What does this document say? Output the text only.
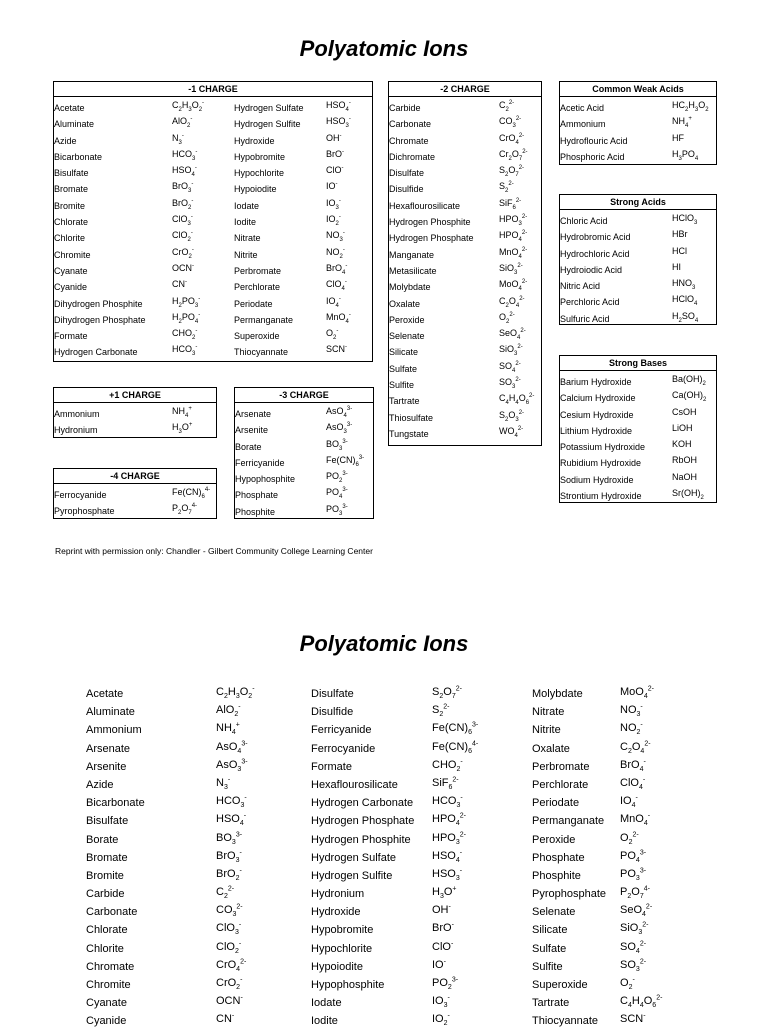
Polyatomic Ions
-1 CHARGE
Acetate	$C_2H_3O_2^-$
Aluminate	AlO$_2$-
Azide	$N_3^-$
Bicarbonate	$HCO_3^-$
Bisulfate	$HSO_4^-$
Bromate	BrO$_3$-
Bromite	BrO$_2$-
Chlorate	ClO$_3$-
Chlorite	ClO$_2$-
Chromite	CrO$_2$-
Cyanate	OCN-
Cyanide	CN-
Dihydrogen Phosphite	$H_2PO_3^-$
Dihydrogen Phosphate	$H_2PO_4^-$
Formate	$CHO_2^-$
Hydrogen Carbonate	$HCO_3^-$
Hydrogen Sulfate $HSO_4^-$
Hydrogen Sulfite	$HSO_3^-$
Hydroxide	OH-
Hypobromite	BrO-
Hypochlorite	ClO-
Hypoiodite	IO-
Iodate	$IO_3^-$
Iodite	$IO_2^-$
Nitrate	$NO_3^-$
Nitrite	$NO_2^-$
Perbromate	BrO$_4$-
Perchlorate	ClO$_4$-
Periodate	$IO_4^-$
Permanganate	MnO$_4$-
Superoxide	$O_2^-$
Thiocyannate	SCN-
-2 CHARGE
Carbide	$C_2^{2-}$
Carbonate	$CO_3^{2-}$
Chromate	CrO$_4^{2-}$
Dichromate	$Cr_2O_7^{2-}$
Disulfate	$S_2O_7^{2-}$
Disulfide	$S_2^{2-}$
Hexaflourosilicate	SiF$_6^{2-}$
Hydrogen Phosphite	$HPO_3^{2-}$
Hydrogen Phosphate	$HPO_4^{2-}$
Manganate	MnO$_4^{2-}$
Metasilicate	SiO$_3^{2-}$
Molybdate	MoO$_4^{2-}$
Oxalate	$C_2O_4^{2-}$
Peroxide	$O_2^{2-}$
Selenate	SeO$_4^{2-}$
Silicate	SiO$_3^{2-}$
Sulfate	$SO_4^{2-}$
Sulfite	$SO_3^{2-}$
Tartrate	$C_4H_4O_6^{2-}$
Thiosulfate	$S_2O_3^{2-}$
Tungstate	$WO_4^{2-}$
Common Weak Acids
Acetic Acid	$HC_2H_3O_2$
Ammonium	$NH_4^+$
Hydroflouric Acid	HF
Phosphoric Acid	$H_3PO_4$
Strong Acids
Chloric Acid	HClO$_3$
Hydrobromic Acid	HBr
Hydrochloric Acid	HCl
Hydroiodic Acid	HI
Nitric Acid	$HNO_3$
Perchloric Acid	HClO$_4$
Sulfuric Acid	$H_2SO_4$
Strong Bases
Barium Hydroxide	$Ba(OH)_2$
Calcium Hydroxide	$Ca(OH)_2$
Cesium Hydroxide	CsOH
Lithium Hydroxide	LiOH
Potassium Hydroxide	KOH
Rubidium Hydroxide	RbOH
Sodium Hydroxide	NaOH
Strontium Hydroxide	$Sr(OH)_2$
+1 CHARGE
Ammonium	$NH_4^+$
Hydronium	$H_3O^+$
-3 CHARGE
Arsenate	AsO$_4^{3-}$
Arsenite	AsO$_3^{3-}$
Borate	$BO_3^{3-}$
Ferricyanide	$Fe(CN)_6^{3-}$
Hypophosphite	$PO_2^{3-}$
Phosphate	$PO_4^{3-}$
Phosphite	$PO_3^{3-}$
-4 CHARGE
Ferrocyanide	$Fe(CN)_6^{4-}$
Pyrophosphate	$P_2O_7^{4-}$
Reprint with permission only: Chandler - Gilbert Community College Learning Center
Polyatomic Ions
Acetate	$C_2H_3O_2^-$
Aluminate	AlO$_2$-
Ammonium	$NH_4^+$
Arsenate	AsO$_4^{3-}$
Arsenite	AsO$_3^{3-}$
Azide	$N_3^-$
Bicarbonate	$HCO_3^-$
Bisulfate	$HSO_4^-$
Borate	$BO_3^{3-}$
Bromate	BrO$_3$-
Bromite	BrO$_2$-
Carbide	$C_2^{2-}$
Carbonate	$CO_3^{2-}$
Chlorate	ClO$_3$-
Chlorite	ClO$_2$-
Chromate	CrO$_4^{2-}$
Chromite	CrO$_2$-
Cyanate	OCN-
Cyanide	CN-
Disulfate	$S_2O_7^{2-}$
Disulfide	$S_2^{2-}$
Ferricyanide	$Fe(CN)_6^{3-}$
Ferrocyanide	$Fe(CN)_6^{4-}$
Formate	$CHO_2^-$
Hexaflourosilicate	SiF$_6^{2-}$
Hydrogen Carbonate $HCO_3^-$
Hydrogen Phosphate $HPO_4^{2-}$
Hydrogen Phosphite $HPO_3^{2-}$
Hydrogen Sulfate	$HSO_4^-$
Hydrogen Sulfite	$HSO_3^-$
Hydronium	$H_3O^+$
Hydroxide	OH-
Hypobromite	BrO-
Hypochlorite	ClO-
Hypoiodite	IO-
Hypophosphite	$PO_2^{3-}$
Iodate	$IO_3^-$
Iodite	$IO_2^-$
Molybdate	MoO$_4^{2-}$
Nitrate	$NO_3^-$
Nitrite	$NO_2^-$
Oxalate	$C_2O_4^{2-}$
Perbromate	BrO$_4$-
Perchlorate	ClO$_4$-
Periodate	$IO_4^-$
Permanganate MnO$_4$-
Peroxide	$O_2^{2-}$
Phosphate	$PO_4^{3-}$
Phosphite	$PO_3^{3-}$
Pyrophosphate $P_2O_7^{4-}$
Selenate	SeO$_4^{2-}$
Silicate	SiO$_3^{2-}$
Sulfate	$SO_4^{2-}$
Sulfite	$SO_3^{2-}$
Superoxide	$O_2^-$
Tartrate	$C_4H_4O_6^{2-}$
Thiocyannate SCN-
